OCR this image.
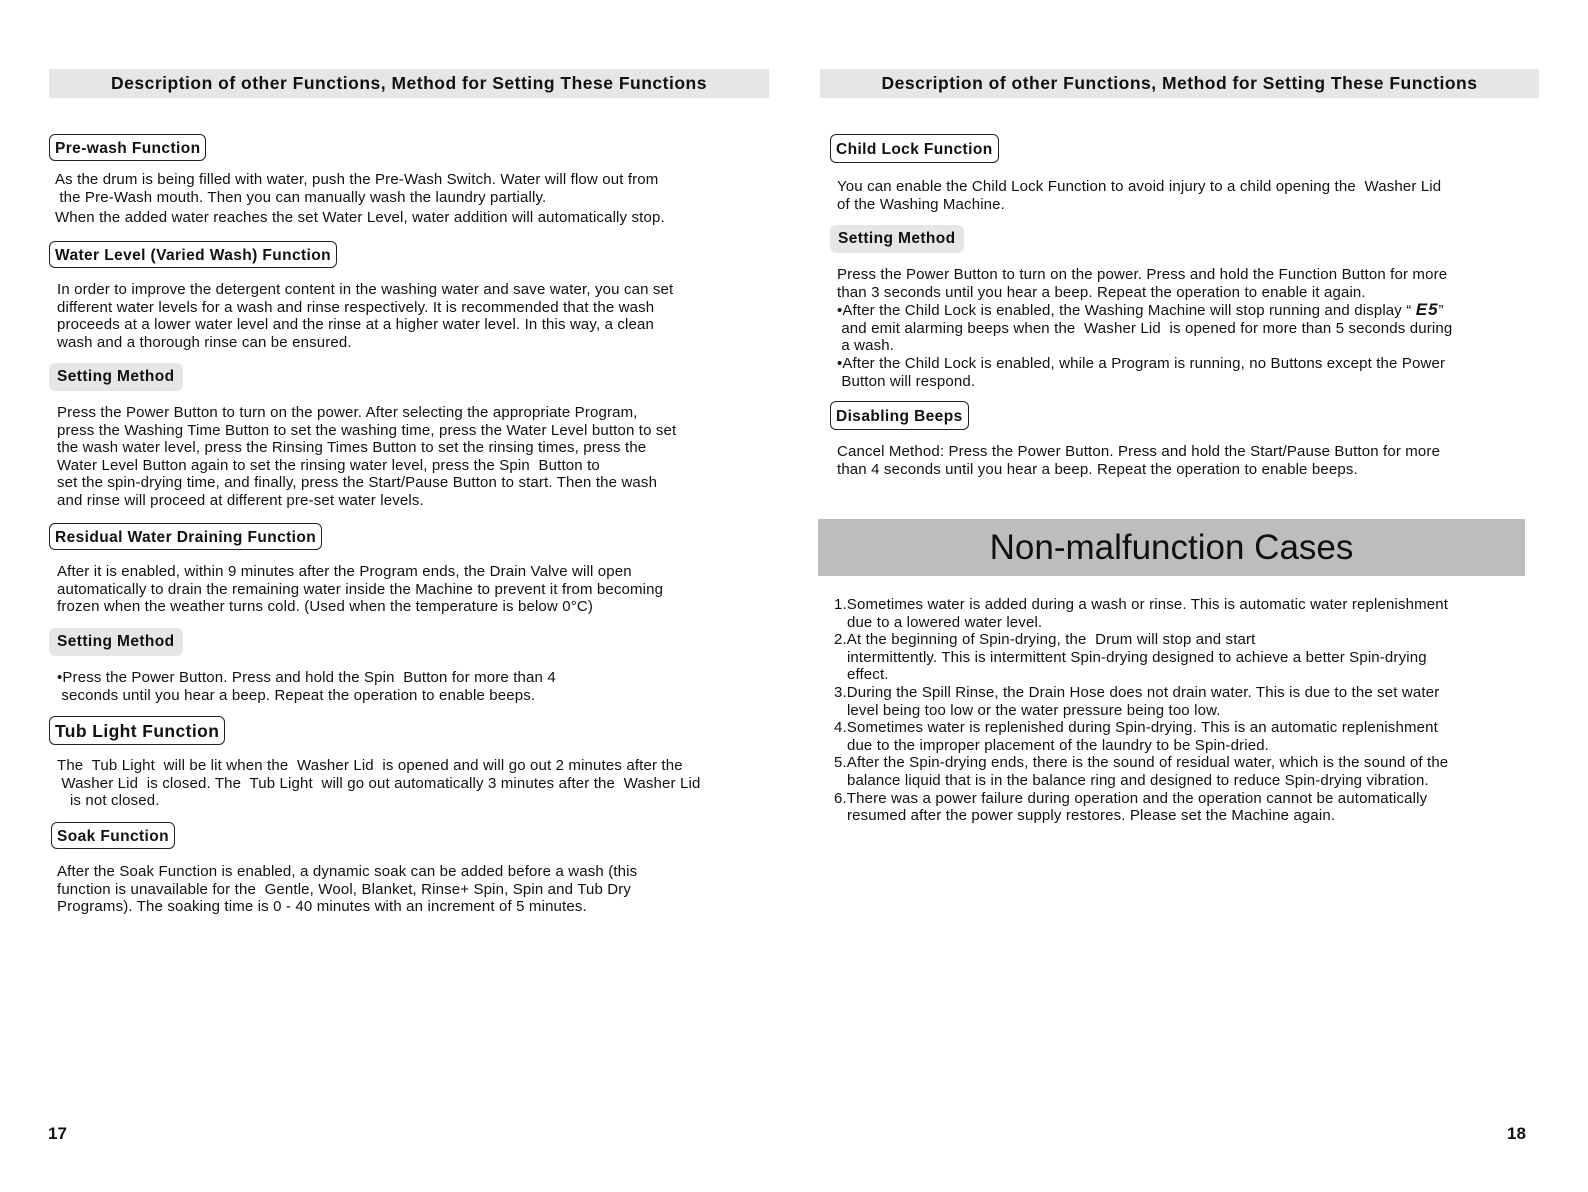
Description of other Functions, Method for Setting These Functions
Pre-wash Function
As the drum is being filled with water, push the Pre-Wash Switch. Water will flow out from
the Pre-Wash mouth. Then you can manually wash the laundry partially.
When the added water reaches the set Water Level, water addition will automatically stop.
Water Level (Varied Wash) Function
In order to improve the detergent content in the washing water and save water, you can set
different water levels for a wash and rinse respectively. It is recommended that the wash
proceeds at a lower water level and the rinse at a higher water level. In this way, a clean
wash and a thorough rinse can be ensured.
Setting Method
Press the Power Button to turn on the power. After selecting the appropriate Program,
press the Washing Time Button to set the washing time, press the Water Level button to set
the wash water level, press the Rinsing Times Button to set the rinsing times, press the
Water Level Button again to set the rinsing water level, press the Spin  Button to
set the spin-drying time, and finally, press the Start/Pause Button to start. Then the wash
and rinse will proceed at different pre-set water levels.
Residual Water Draining Function
After it is enabled, within 9 minutes after the Program ends, the Drain Valve will open
automatically to drain the remaining water inside the Machine to prevent it from becoming
frozen when the weather turns cold. (Used when the temperature is below 0°C)
Setting Method
•Press the Power Button. Press and hold the Spin  Button for more than 4
seconds until you hear a beep. Repeat the operation to enable beeps.
Tub Light Function
The  Tub Light  will be lit when the  Washer Lid  is opened and will go out 2 minutes after the
Washer Lid  is closed. The  Tub Light  will go out automatically 3 minutes after the  Washer Lid
is not closed.
Soak Function
After the Soak Function is enabled, a dynamic soak can be added before a wash (this
function is unavailable for the  Gentle, Wool, Blanket, Rinse+ Spin, Spin and Tub Dry
Programs). The soaking time is 0 - 40 minutes with an increment of 5 minutes.
17
Description of other Functions, Method for Setting These Functions
Child Lock Function
You can enable the Child Lock Function to avoid injury to a child opening the  Washer Lid
of the Washing Machine.
Setting Method
Press the Power Button to turn on the power. Press and hold the Function Button for more
than 3 seconds until you hear a beep. Repeat the operation to enable it again.
•After the Child Lock is enabled, the Washing Machine will stop running and display “ E5”
and emit alarming beeps when the  Washer Lid  is opened for more than 5 seconds during
a wash.
•After the Child Lock is enabled, while a Program is running, no Buttons except the Power
Button will respond.
Disabling Beeps
Cancel Method: Press the Power Button. Press and hold the Start/Pause Button for more
than 4 seconds until you hear a beep. Repeat the operation to enable beeps.
Non-malfunction Cases
1.Sometimes water is added during a wash or rinse. This is automatic water replenishment
due to a lowered water level.
2.At the beginning of Spin-drying, the  Drum will stop and start
intermittently. This is intermittent Spin-drying designed to achieve a better Spin-drying
effect.
3.During the Spill Rinse, the Drain Hose does not drain water. This is due to the set water
level being too low or the water pressure being too low.
4.Sometimes water is replenished during Spin-drying. This is an automatic replenishment
due to the improper placement of the laundry to be Spin-dried.
5.After the Spin-drying ends, there is the sound of residual water, which is the sound of the
balance liquid that is in the balance ring and designed to reduce Spin-drying vibration.
6.There was a power failure during operation and the operation cannot be automatically
resumed after the power supply restores. Please set the Machine again.
18
